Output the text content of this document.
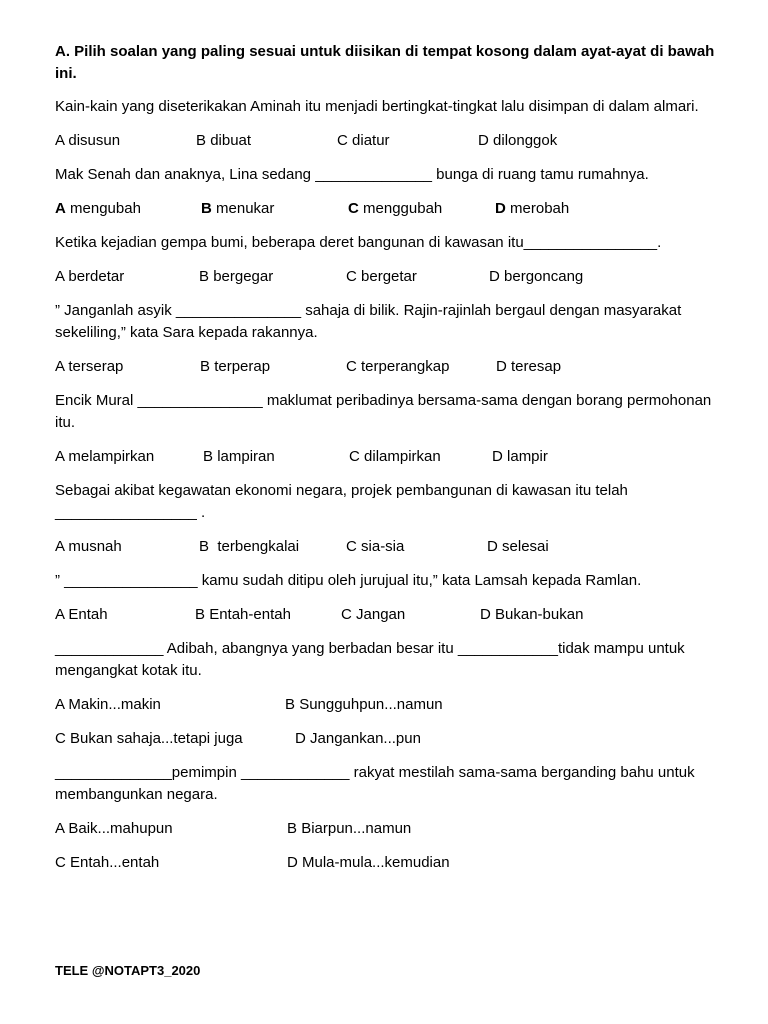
A. Pilih soalan yang paling sesuai untuk diisikan di tempat kosong dalam ayat-ayat di bawah ini.
Kain-kain yang diseterikakan Aminah itu menjadi bertingkat-tingkat lalu disimpan di dalam almari.
A disusun	B dibuat	C diatur	D dilonggok
Mak Senah dan anaknya, Lina sedang ______________ bunga di ruang tamu rumahnya.
A mengubah	B menukar	C menggubah	D merobah
Ketika kejadian gempa bumi, beberapa deret bangunan di kawasan itu________________.
A berdetar	B bergegar	C bergetar	D bergoncang
” Janganlah asyik _______________ sahaja di bilik. Rajin-rajinlah bergaul dengan masyarakat sekeliling,” kata Sara kepada rakannya.
A terserap	B terperap	C terperangkap	D teresap
Encik Mural _______________ maklumat peribadinya bersama-sama dengan borang permohonan itu.
A melampirkan	B lampiran	C dilampirkan	D lampir
Sebagai akibat kegawatan ekonomi negara, projek pembangunan di kawasan itu telah _________________ .
A musnah	B  terbengkalai	C sia-sia	D selesai
” ________________ kamu sudah ditipu oleh jurujual itu,” kata Lamsah kepada Ramlan.
A Entah	B Entah-entah	C Jangan	D Bukan-bukan
_____________ Adibah, abangnya yang berbadan besar itu ____________tidak mampu untuk mengangkat kotak itu.
A Makin...makin	B Sungguhpun...namun
C Bukan sahaja...tetapi juga	D Jangankan...pun
______________pemimpin _____________ rakyat mestilah sama-sama berganding bahu untuk membangunkan negara.
A Baik...mahupun	B Biarpun...namun
C Entah...entah	D Mula-mula...kemudian
TELE @NOTAPT3_2020
